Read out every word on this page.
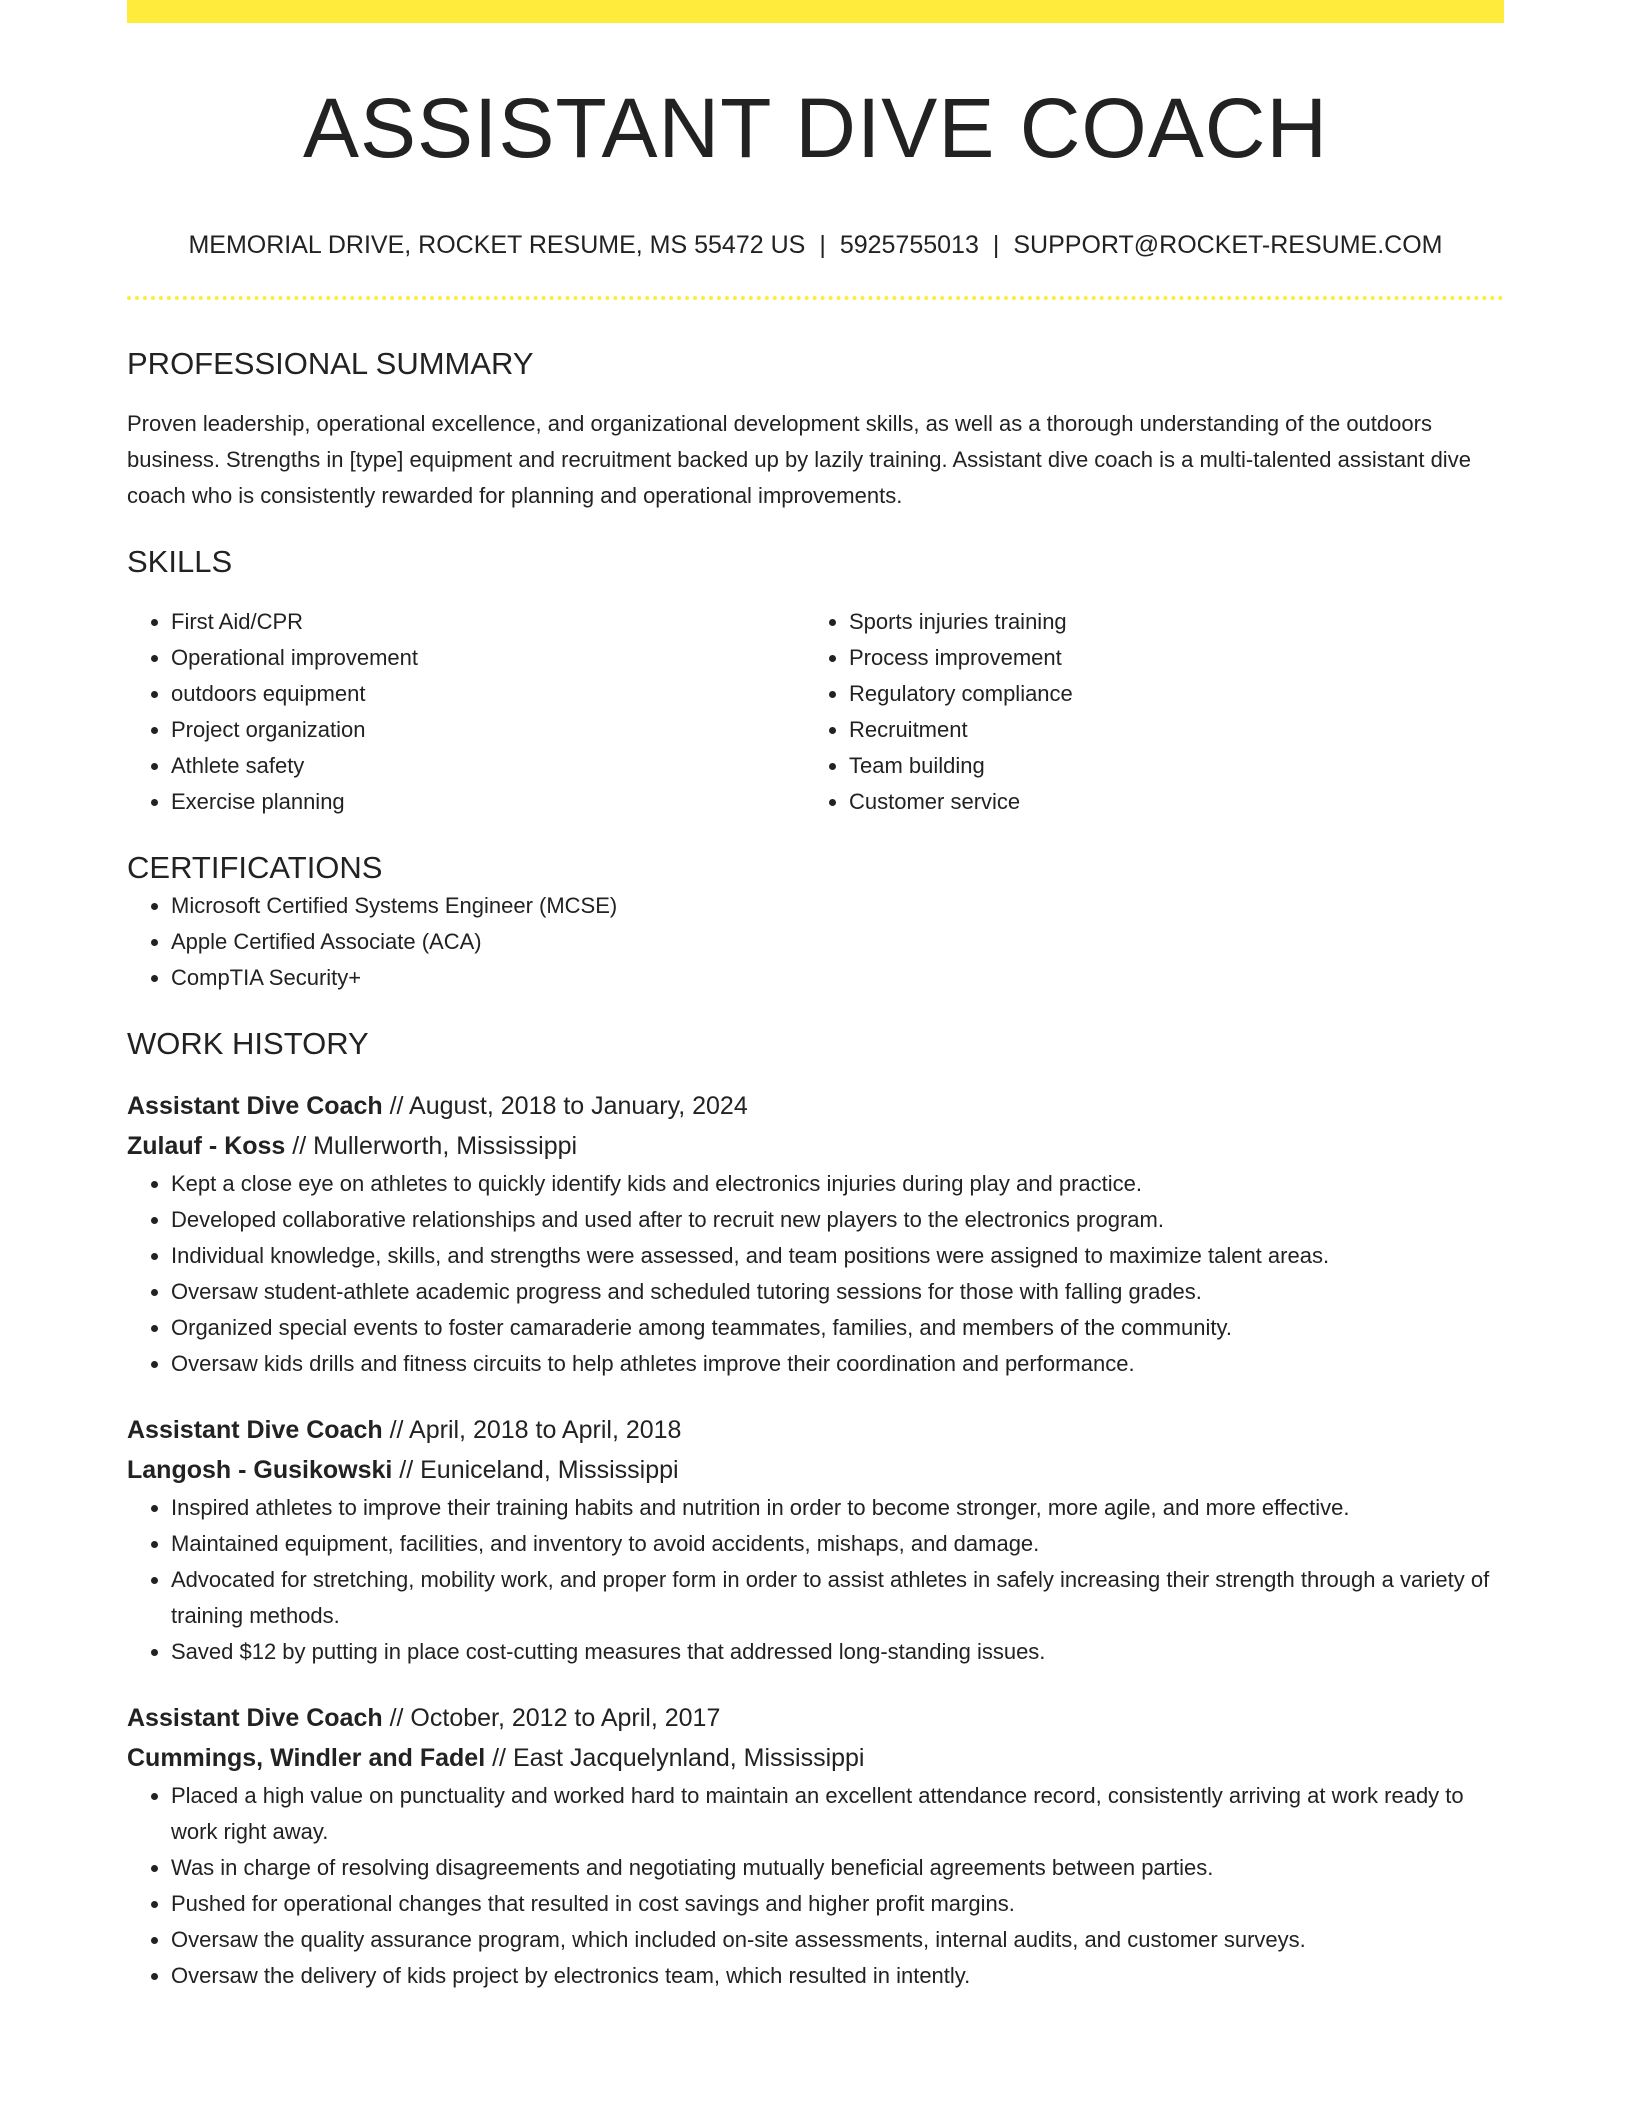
ASSISTANT DIVE COACH
MEMORIAL DRIVE, ROCKET RESUME, MS 55472 US | 5925755013 | SUPPORT@ROCKET-RESUME.COM
PROFESSIONAL SUMMARY

Proven leadership, operational excellence, and organizational development skills, as well as a thorough understanding of the outdoors business. Strengths in [type] equipment and recruitment backed up by lazily training. Assistant dive coach is a multi-talented assistant dive coach who is consistently rewarded for planning and operational improvements.

SKILLS
• First Aid/CPR
• Operational improvement
• outdoors equipment
• Project organization
• Athlete safety
• Exercise planning
• Sports injuries training
• Process improvement
• Regulatory compliance
• Recruitment
• Team building
• Customer service
CERTIFICATIONS
• Microsoft Certified Systems Engineer (MCSE)
• Apple Certified Associate (ACA)
• CompTIA Security+
WORK HISTORY
Assistant Dive Coach // August, 2018 to January, 2024
Zulauf - Koss // Mullerworth, Mississippi
• Kept a close eye on athletes to quickly identify kids and electronics injuries during play and practice.
• Developed collaborative relationships and used after to recruit new players to the electronics program.
• Individual knowledge, skills, and strengths were assessed, and team positions were assigned to maximize talent areas.
• Oversaw student-athlete academic progress and scheduled tutoring sessions for those with falling grades.
• Organized special events to foster camaraderie among teammates, families, and members of the community.
• Oversaw kids drills and fitness circuits to help athletes improve their coordination and performance.
Assistant Dive Coach // April, 2018 to April, 2018
Langosh - Gusikowski // Euniceland, Mississippi
• Inspired athletes to improve their training habits and nutrition in order to become stronger, more agile, and more effective.
• Maintained equipment, facilities, and inventory to avoid accidents, mishaps, and damage.
• Advocated for stretching, mobility work, and proper form in order to assist athletes in safely increasing their strength through a variety of training methods.
• Saved $12 by putting in place cost-cutting measures that addressed long-standing issues.
Assistant Dive Coach // October, 2012 to April, 2017
Cummings, Windler and Fadel // East Jacquelynland, Mississippi
• Placed a high value on punctuality and worked hard to maintain an excellent attendance record, consistently arriving at work ready to work right away.
• Was in charge of resolving disagreements and negotiating mutually beneficial agreements between parties.
• Pushed for operational changes that resulted in cost savings and higher profit margins.
• Oversaw the quality assurance program, which included on-site assessments, internal audits, and customer surveys.
• Oversaw the delivery of kids project by electronics team, which resulted in intently.
